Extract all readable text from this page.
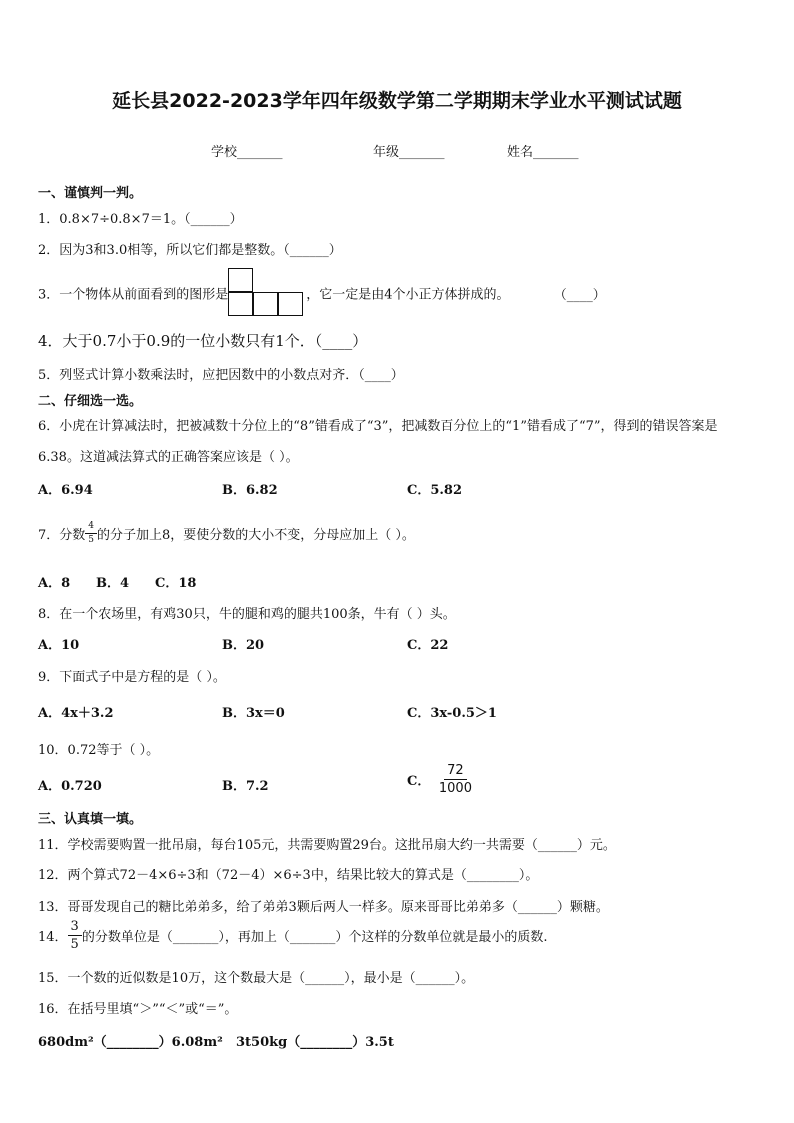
延长县2022-2023学年四年级数学第二学期期末学业水平测试试题
学校_______	年级_______	姓名_______
一、谨慎判一判。
1．0.8×7÷0.8×7＝1。（______）
2．因为3和3.0相等，所以它们都是整数。（______）
3．一个物体从前面看到的图形是	，它一定是由4个小正方体拼成的。	（____）
4．大于0.7小于0.9的一位小数只有1个．（____）
5．列竖式计算小数乘法时，应把因数中的小数点对齐．（____）
二、仔细选一选。
6．小虎在计算减法时，把被减数十分位上的“8”错看成了“3”，把减数百分位上的“1”错看成了“7”，得到的错误答案是
6.38。这道减法算式的正确答案应该是（ ）。
A．6.94	B．6.82	C．5.82
7．分数 $\frac{4}{5}$ 的分子加上8，要使分数的大小不变，分母应加上（ ）。
A．8 B．4 C．18
8．在一个农场里，有鸡30只，牛的腿和鸡的腿共100条，牛有（ ）头。
A．10	B．20	C．22
9．下面式子中是方程的是（ ）。
A．4x＋3.2	B．3x＝0	C．3x-0.5＞1
10．0.72等于（ ）。
A．0.720	B．7.2	C． $\frac{72}{1000}$
三、认真填一填。
11．学校需要购置一批吊扇，每台105元，共需要购置29台。这批吊扇大约一共需要（______）元。
12．两个算式72－4×6÷3和（72－4）×6÷3中，结果比较大的算式是（________）。
13．哥哥发现自己的糖比弟弟多，给了弟弟3颗后两人一样多。原来哥哥比弟弟多（______）颗糖。
14． $\frac{3}{5}$ 的分数单位是（_______），再加上（_______）个这样的分数单位就是最小的质数.
15．一个数的近似数是10万，这个数最大是（______），最小是（______）。
16．在括号里填“＞”“＜”或“＝”。
680dm²（________）6.08m² 3t50kg（________）3.5t
